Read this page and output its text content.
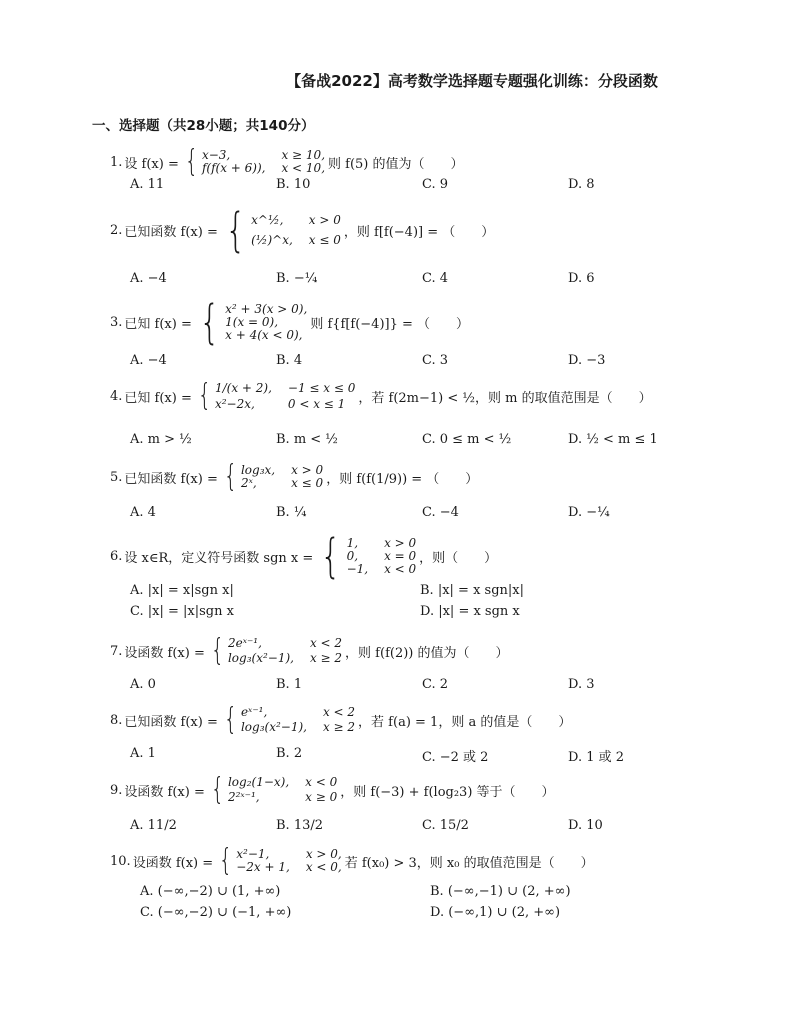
【备战2022】高考数学选择题专题强化训练：分段函数
一、选择题（共28小题；共140分）
1. 设 f(x) = { x−3,	x ≥ 10,
f(f(x + 6)), x < 10, 则 f(5) 的值为（　　）
A. 11	B. 10	C. 9	D. 8
2. 已知函数 f(x) = { x^½,	x > 0
(½)^x, x ≤ 0
，则 f[f(−4)] = （　　）
A. −4	B. −¼	C. 4	D. 6
3. 已知 f(x) = { x² + 3(x > 0),
1(x = 0),
x + 4(x < 0),
则 f{f[f(−4)]} = （　　）
A. −4	B. 4	C. 3	D. −3
4. 已知 f(x) = { 1/(x + 2), −1 ≤ x ≤ 0
x²−2x,	0 < x ≤ 1	，若 f(2m−1) < ½，则 m 的取值范围是（　　）
A. m > ½	B. m < ½	C. 0 ≤ m < ½	D. ½ < m ≤ 1
5. 已知函数 f(x) = { log₃x, x > 0
2ˣ,	x ≤ 0 ，则 f(f(1/9)) = （　　）
A. 4	B. ¼	C. −4	D. −¼
6. 设 x∈R，定义符号函数 sgn x = { 1,	x > 0
0,	x = 0
−1, x < 0
，则（　　）
A. |x| = x|sgn x|	B. |x| = x sgn|x|
C. |x| = |x|sgn x	D. |x| = x sgn x
7. 设函数 f(x) = { 2eˣ⁻¹,	x < 2
log₃(x²−1), x ≥ 2 ，则 f(f(2)) 的值为（　　）
A. 0	B. 1	C. 2	D. 3
8. 已知函数 f(x) = { eˣ⁻¹,	x < 2
log₃(x²−1), x ≥ 2 ，若 f(a) = 1，则 a 的值是（　　）
A. 1	B. 2	C. −2 或 2	D. 1 或 2
9. 设函数 f(x) = { log₂(1−x), x < 0
2²ˣ⁻¹,	x ≥ 0 ，则 f(−3) + f(log₂3) 等于（　　）
A. 11/2	B. 13/2	C. 15/2	D. 10
10. 设函数 f(x) = { x²−1,	x > 0,
−2x + 1, x < 0, 若 f(x₀) > 3，则 x₀ 的取值范围是（　　）
A. (−∞,−2) ∪ (1, +∞)	B. (−∞,−1) ∪ (2, +∞)
C. (−∞,−2) ∪ (−1, +∞)	D. (−∞,1) ∪ (2, +∞)
